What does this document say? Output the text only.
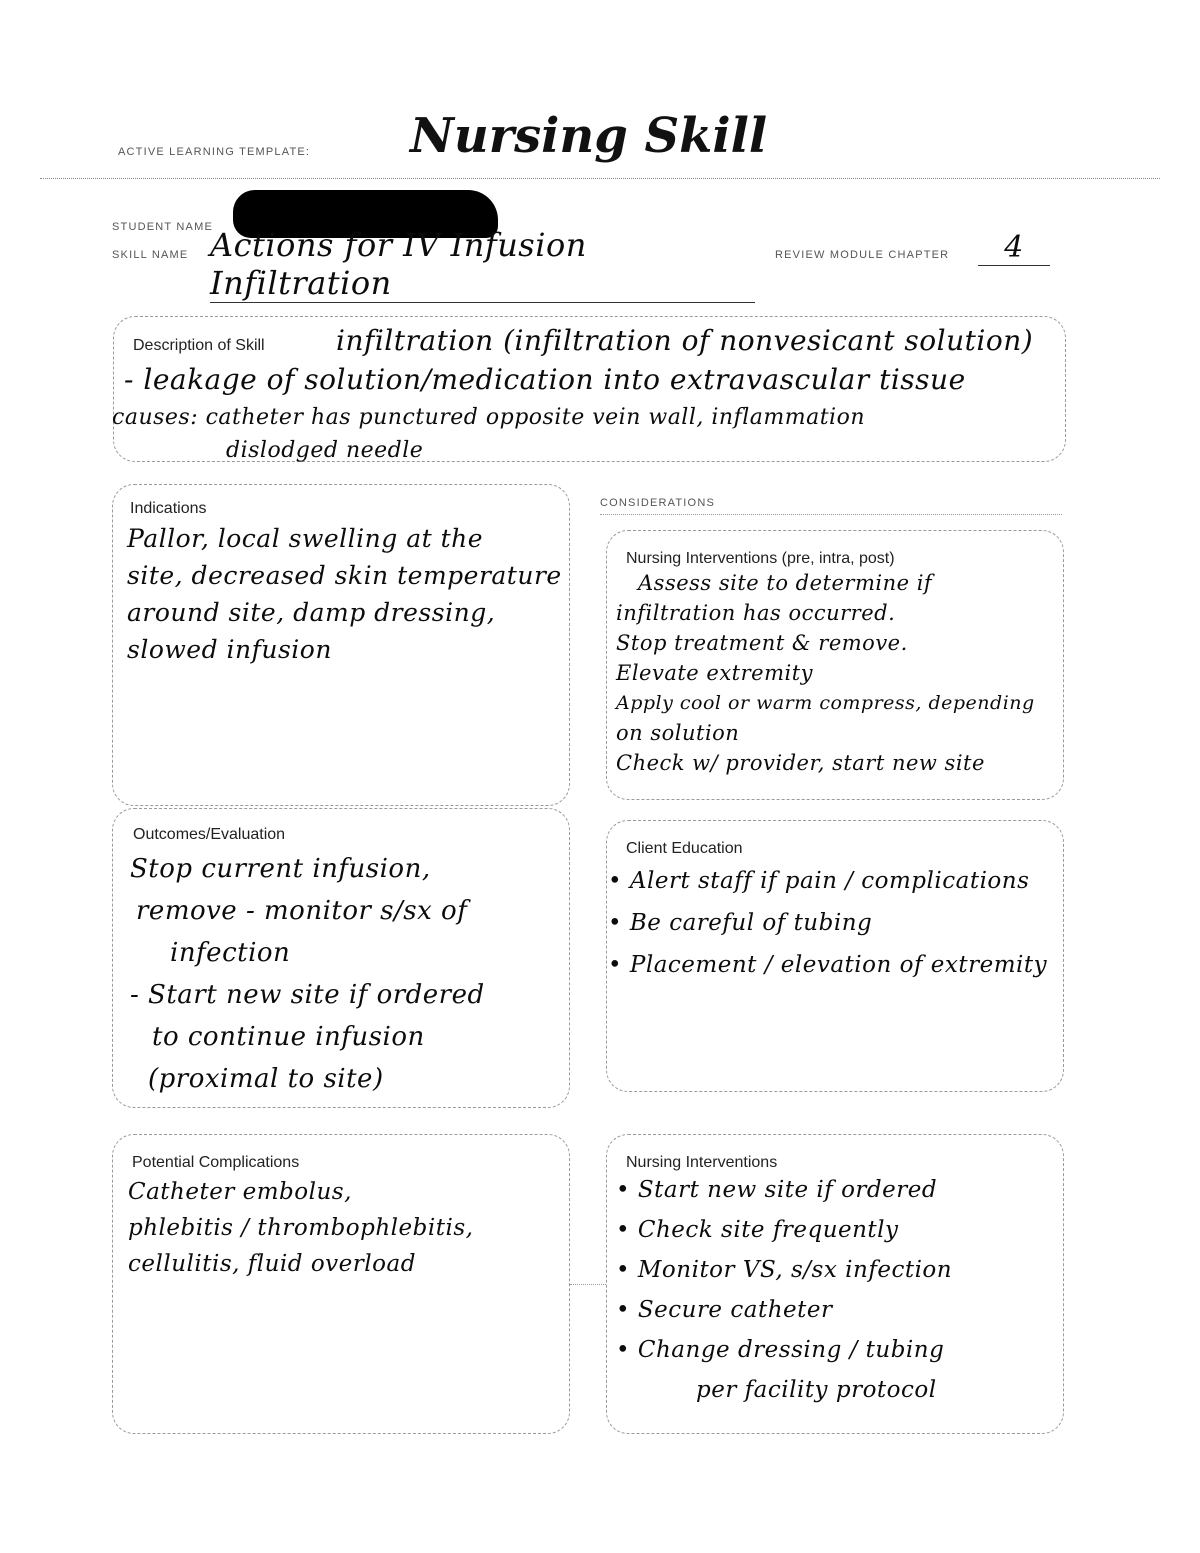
ACTIVE LEARNING TEMPLATE: Nursing Skill
STUDENT NAME
SKILL NAME Actions for IV Infusion Infiltration
REVIEW MODULE CHAPTER	4
Description of Skill	infiltration (infiltration of nonvesicant solution)
- leakage of solution/medication into extravascular tissue
causes: catheter has punctured opposite vein wall, inflammation
dislodged needle
CONSIDERATIONS
Indications
Pallor, local swelling at the
site, decreased skin temperature
around site, damp dressing,
slowed infusion
Nursing Interventions (pre, intra, post)
Assess site to determine if
infiltration has occurred.
Stop treatment & remove.
Elevate extremity
Apply cool or warm compress, depending
on solution
Check w/ provider, start new site
Outcomes/Evaluation
Stop current infusion,
remove - monitor s/sx of
infection
- Start new site if ordered
to continue infusion
(proximal to site)
Client Education
• Alert staff if pain / complications
• Be careful of tubing
• Placement / elevation of extremity
Potential Complications
Catheter embolus,
phlebitis / thrombophlebitis,
cellulitis, fluid overload
Nursing Interventions
• Start new site if ordered
• Check site frequently
• Monitor VS, s/sx infection
• Secure catheter
• Change dressing / tubing
per facility protocol
